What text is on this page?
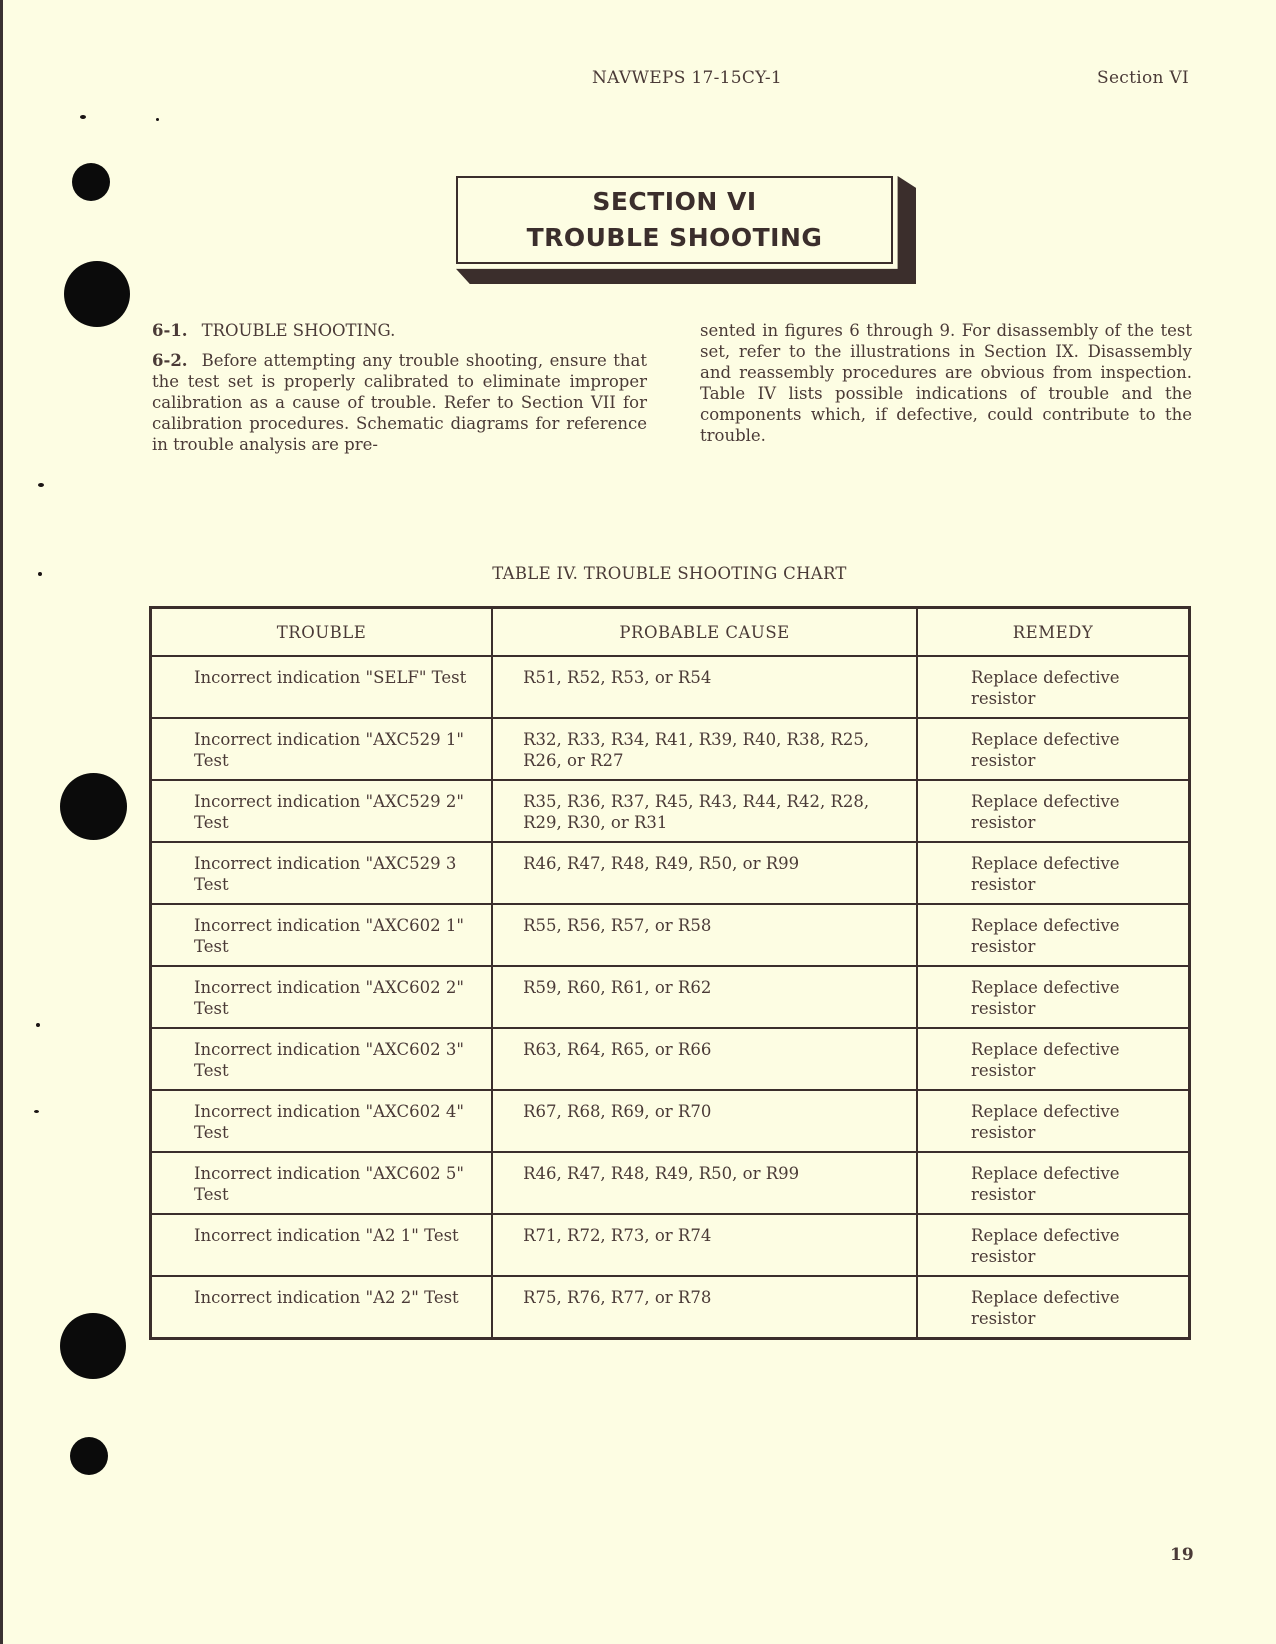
NAVWEPS 17-15CY-1	Section VI
SECTION VI
TROUBLE SHOOTING

6-1. TROUBLE SHOOTING.

6-2. Before attempting any trouble shooting, ensure that the test set is properly calibrated to eliminate improper calibration as a cause of trouble. Refer to Section VII for calibration procedures. Schematic diagrams for reference in trouble analysis are pre-

sented in figures 6 through 9. For disassembly of the test set, refer to the illustrations in Section IX. Disassembly and reassembly procedures are obvious from inspection. Table IV lists possible indications of trouble and the components which, if defective, could contribute to the trouble.

TABLE IV. TROUBLE SHOOTING CHART
TROUBLE	PROBABLE CAUSE	REMEDY
Incorrect indication "SELF" Test	R51, R52, R53, or R54	Replace defective resistor
Incorrect indication "AXC529 1" Test	R32, R33, R34, R41, R39, R40, R38, R25, R26, or R27	Replace defective resistor
Incorrect indication "AXC529 2" Test	R35, R36, R37, R45, R43, R44, R42, R28, R29, R30, or R31	Replace defective resistor
Incorrect indication "AXC529 3 Test	R46, R47, R48, R49, R50, or R99	Replace defective resistor
Incorrect indication "AXC602 1" Test	R55, R56, R57, or R58	Replace defective resistor
Incorrect indication "AXC602 2" Test	R59, R60, R61, or R62	Replace defective resistor
Incorrect indication "AXC602 3" Test	R63, R64, R65, or R66	Replace defective resistor
Incorrect indication "AXC602 4" Test	R67, R68, R69, or R70	Replace defective resistor
Incorrect indication "AXC602 5" Test	R46, R47, R48, R49, R50, or R99	Replace defective resistor
Incorrect indication "A2 1" Test	R71, R72, R73, or R74	Replace defective resistor
Incorrect indication "A2 2" Test	R75, R76, R77, or R78	Replace defective resistor
19
